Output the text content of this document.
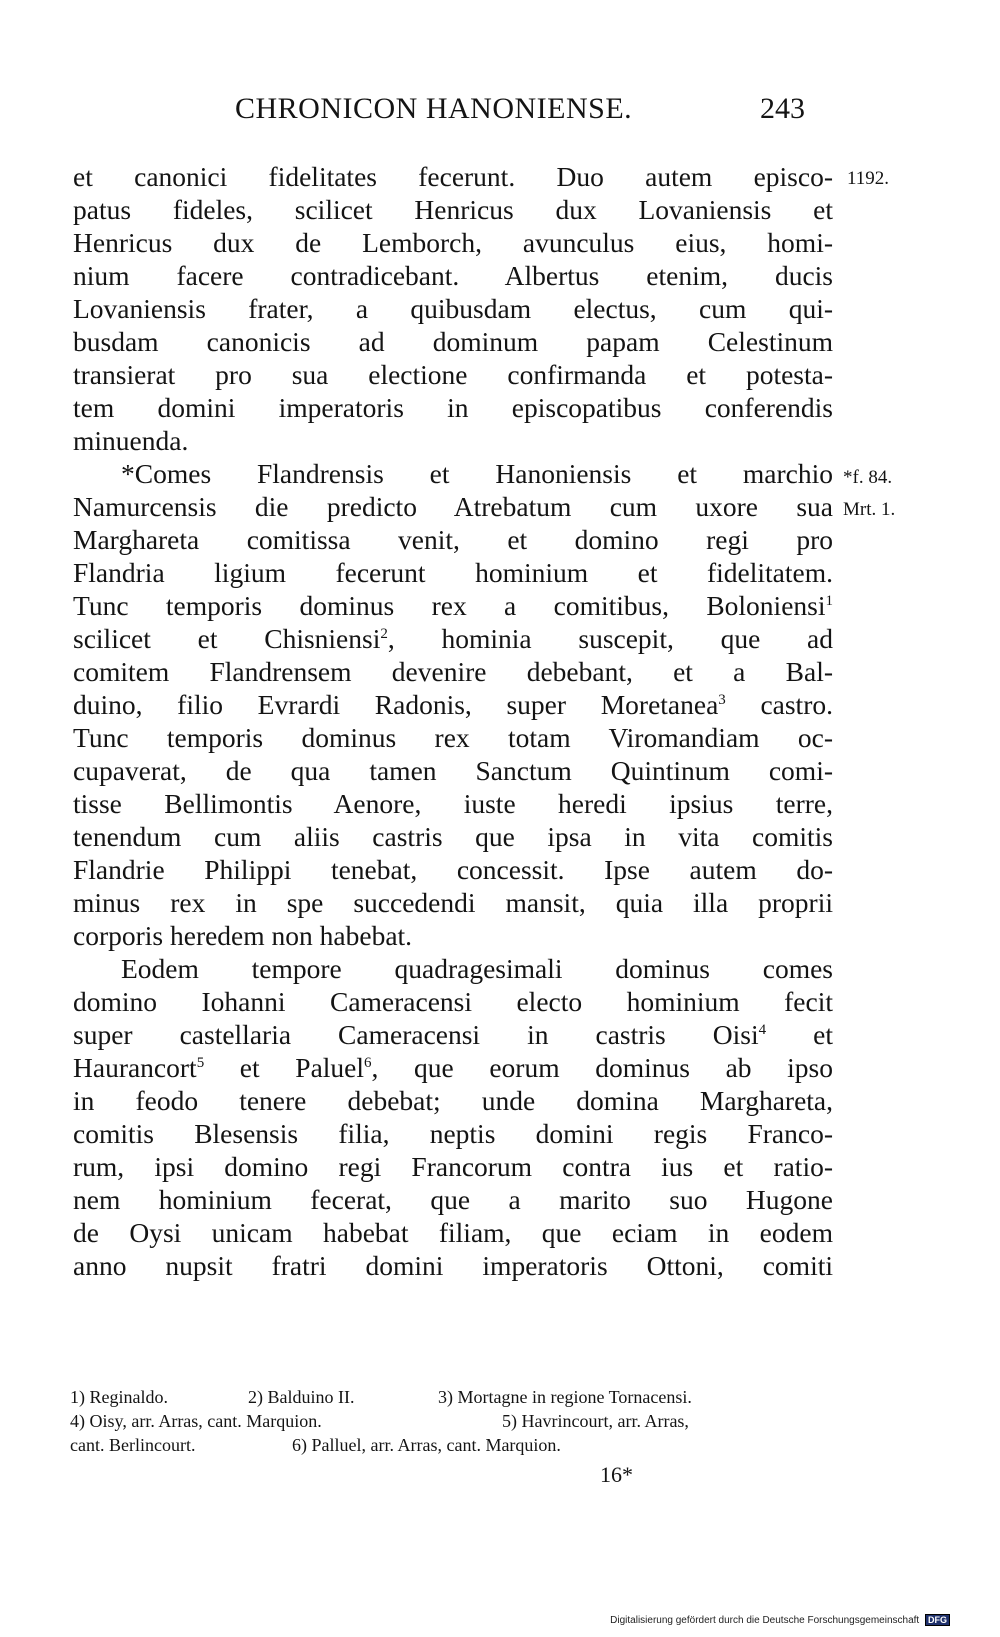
CHRONICON HANONIENSE.	243
1192.
*f. 84.
Mrt. 1.
et canonici fidelitates fecerunt. Duo autem episco-
patus fideles, scilicet Henricus dux Lovaniensis et
Henricus dux de Lemborch, avunculus eius, homi-
nium facere contradicebant. Albertus etenim, ducis
Lovaniensis frater, a quibusdam electus, cum qui-
busdam canonicis ad dominum papam Celestinum
transierat pro sua electione confirmanda et potesta-
tem domini imperatoris in episcopatibus conferendis
minuenda.
*Comes Flandrensis et Hanoniensis et marchio
Namurcensis die predicto Atrebatum cum uxore sua
Marghareta comitissa venit, et domino regi pro
Flandria ligium fecerunt hominium et fidelitatem.
Tunc temporis dominus rex a comitibus, Boloniensi$^1$
scilicet et Chisniensi$^2$, hominia suscepit, que ad
comitem Flandrensem devenire debebant, et a Bal-
duino, filio Evrardi Radonis, super Moretanea$^3$ castro.
Tunc temporis dominus rex totam Viromandiam oc-
cupaverat, de qua tamen Sanctum Quintinum comi-
tisse Bellimontis Aenore, iuste heredi ipsius terre,
tenendum cum aliis castris que ipsa in vita comitis
Flandrie Philippi tenebat, concessit. Ipse autem do-
minus rex in spe succedendi mansit, quia illa proprii
corporis heredem non habebat.
Eodem tempore quadragesimali dominus comes
domino Iohanni Cameracensi electo hominium fecit
super castellaria Cameracensi in castris Oisi$^4$ et
Haurancort$^5$ et Paluel$^6$, que eorum dominus ab ipso
in feodo tenere debebat; unde domina Marghareta,
comitis Blesensis filia, neptis domini regis Franco-
rum, ipsi domino regi Francorum contra ius et ratio-
nem hominium fecerat, que a marito suo Hugone
de Oysi unicam habebat filiam, que eciam in eodem
anno nupsit fratri domini imperatoris Ottoni, comiti
1) Reginaldo.	2) Balduino II.	3) Mortagne in regione Tornacensi.
4) Oisy, arr. Arras, cant. Marquion.	5) Havrincourt, arr. Arras,
cant. Berlincourt.	6) Palluel, arr. Arras, cant. Marquion.
16*
Digitalisierung gefördert durch die Deutsche Forschungsgemeinschaft DFG
